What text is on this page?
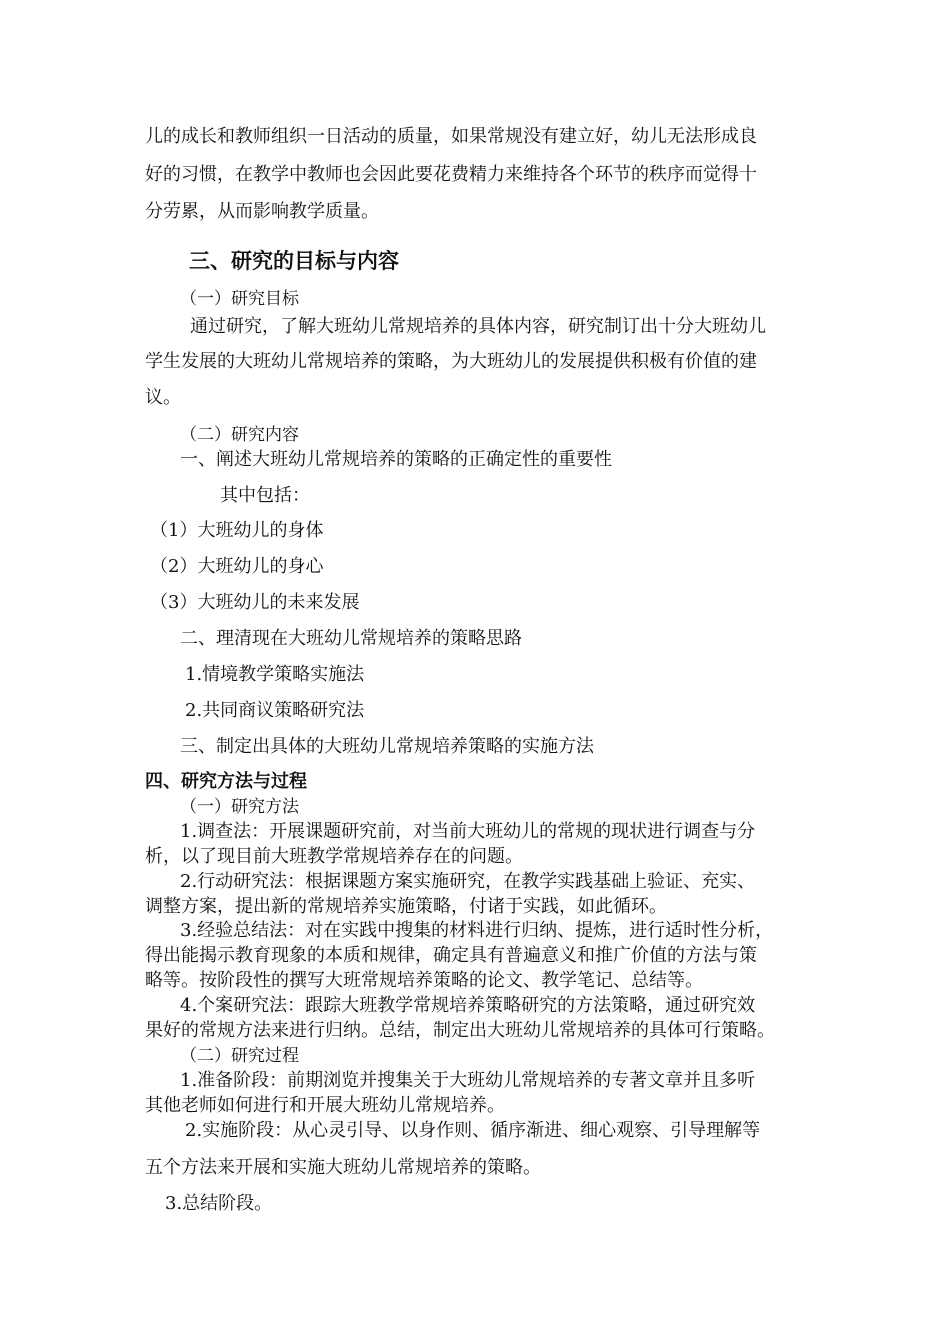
儿的成长和教师组织一日活动的质量，如果常规没有建立好，幼儿无法形成良
好的习惯，在教学中教师也会因此要花费精力来维持各个环节的秩序而觉得十
分劳累，从而影响教学质量。
三、研究的目标与内容
（一）研究目标
通过研究，了解大班幼儿常规培养的具体内容，研究制订出十分大班幼儿
学生发展的大班幼儿常规培养的策略，为大班幼儿的发展提供积极有价值的建
议。
（二）研究内容
一、阐述大班幼儿常规培养的策略的正确定性的重要性
其中包括：
（1）大班幼儿的身体
（2）大班幼儿的身心
（3）大班幼儿的未来发展
二、理清现在大班幼儿常规培养的策略思路
1.情境教学策略实施法
2.共同商议策略研究法
三、制定出具体的大班幼儿常规培养策略的实施方法
四、研究方法与过程
（一）研究方法
1.调查法：开展课题研究前，对当前大班幼儿的常规的现状进行调查与分
析，以了现目前大班教学常规培养存在的问题。
2.行动研究法：根据课题方案实施研究，在教学实践基础上验证、充实、
调整方案，提出新的常规培养实施策略，付诸于实践，如此循环。
3.经验总结法：对在实践中搜集的材料进行归纳、提炼，进行适时性分析，
得出能揭示教育现象的本质和规律，确定具有普遍意义和推广价值的方法与策
略等。按阶段性的撰写大班常规培养策略的论文、教学笔记、总结等。
4.个案研究法：跟踪大班教学常规培养策略研究的方法策略，通过研究效
果好的常规方法来进行归纳。总结，制定出大班幼儿常规培养的具体可行策略。
（二）研究过程
1.准备阶段：前期浏览并搜集关于大班幼儿常规培养的专著文章并且多听
其他老师如何进行和开展大班幼儿常规培养。
2.实施阶段：从心灵引导、以身作则、循序渐进、细心观察、引导理解等
五个方法来开展和实施大班幼儿常规培养的策略。
3.总结阶段。
